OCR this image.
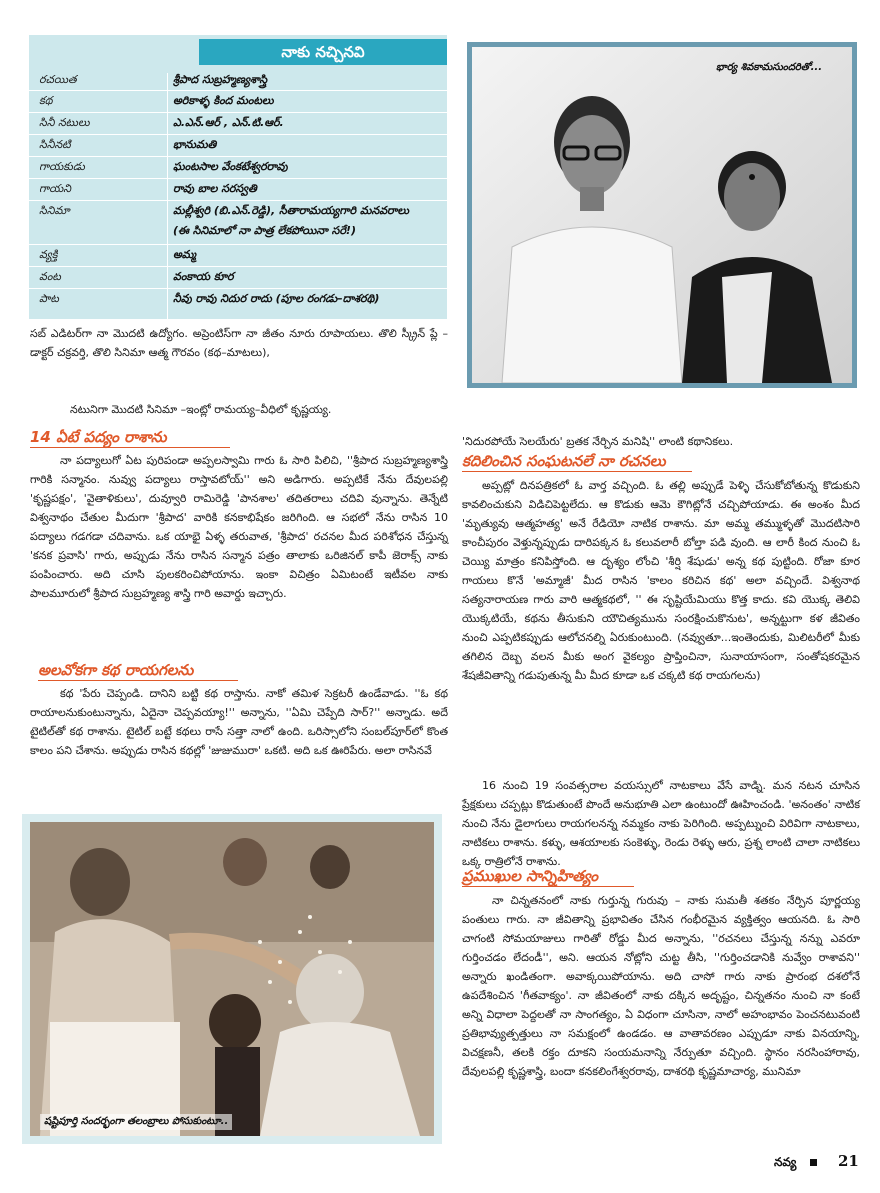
నాకు నచ్చినవి
రచయిత	శ్రీపాద సుబ్రహ్మణ్యశాస్త్రి
కథ	అరికాళ్ళ కింద మంటలు
సినీ నటులు	ఎ.ఎన్.ఆర్ , ఎన్.టి.ఆర్.
సినీనటి	భానుమతి
గాయకుడు	ఘంటసాల వేంకటేశ్వరరావు
గాయని	రావు బాల సరస్వతి
సినిమా	మల్లీశ్వరి (బి.ఎన్.రెడ్డి), సీతారామయ్యగారి మనవరాలు
(ఈ సినిమాలో నా పాత్ర లేకపోయినా సరే!)
వ్యక్తి	అమ్మ
వంట	వంకాయ కూర
పాట	నీవు రావు నిదుర రాదు (పూల రంగడు–దాశరథి)
భార్య శివకామసుందరితో...
సబ్ ఎడిటర్‌గా నా మొదటి ఉద్యోగం. అప్రెంటిస్‌గా నా జీతం నూరు రూపాయలు. తొలి స్క్రీన్ ప్లే – డాక్టర్ చక్రవర్తి, తొలి సినిమా ఆత్మ గౌరవం (కథ–మాటలు),
నటునిగా మొదటి సినిమా –ఇంట్లో రామయ్య–వీధిలో కృష్ణయ్య.
14 ఏటే పద్యం రాశాను
నా పద్యాలుగో ఏట పురిపండా అప్పలస్వామి గారు ఓ సారి పిలిచి, ''శ్రీపాద సుబ్రహ్మణ్యశాస్త్రి గారికి సన్మానం. నువ్వు పద్యాలు రాస్తావటోయ్'' అని అడిగారు. అప్పటికే నేను దేవులపల్లి 'కృష్ణపక్షం', 'వైతాళికులు', దువ్వూరి రామిరెడ్డి 'పానశాల' తదితరాలు చదివి వున్నాను. తెన్నేటి విశ్వనాథం చేతుల మీదుగా 'శ్రీపాద' వారికి కనకాభిషేకం జరిగింది. ఆ సభలో నేను రాసిన 10 పద్యాలు గడగడా చదివాను. ఒక యాభై ఏళ్ళ తరువాత, 'శ్రీపాద' రచనల మీద పరిశోధన చేస్తున్న 'కనక ప్రవాసి' గారు, అప్పుడు నేను రాసిన సన్మాన పత్రం తాలాకు ఒరిజినల్ కాపీ జెరాక్స్ నాకు పంపించారు. అది చూసి పులకరించిపోయాను. ఇంకా విచిత్రం ఏమిటంటే ఇటీవల నాకు పాలమూరులో శ్రీపాద సుబ్రహ్మణ్య శాస్త్రి గారి అవార్డు ఇచ్చారు.
అలవోకగా కథ రాయగలను
కథ 'పేరు చెప్పండి. దానిని బట్టి కథ రాస్తాను. నాకో తమిళ సెక్రటరీ ఉండేవాడు. ''ఓ కథ రాయాలనుకుంటున్నాను, ఏదైనా చెప్పవయ్యా!'' అన్నాను, ''ఏమి చెప్పేది సార్?'' అన్నాడు. అదే టైటిల్‌తో కథ రాశాను. టైటిల్ బట్టే కథలు రాసే సత్తా నాలో ఉంది. ఒరిస్సాలోని సంబల్‌పూర్‌లో కొంత కాలం పని చేశాను. అప్పుడు రాసిన కథల్లో 'జుజుమురా' ఒకటి. అది ఒక ఊరిపేరు. అలా రాసినవే
షష్టిపూర్తి సందర్భంగా తలంబ్రాలు పోసుకుంటూ..
'నిదురపోయే సెలయేరు' బ్రతక నేర్చిన మనిషి'' లాంటి కథానికలు.
కదిలించిన సంఘటనలే నా రచనలు
అప్పట్లో దినపత్రికలో ఓ వార్త వచ్చింది. ఓ తల్లి అప్పుడే పెళ్ళి చేసుకోబోతున్న కొడుకుని కావలించుకుని విడిచిపెట్టలేదు. ఆ కొడుకు ఆమె కౌగిట్లోనే చచ్చిపోయాడు. ఈ అంశం మీద 'మృత్యువు ఆత్మహత్య' అనే రేడియో నాటిక రాశాను. మా అమ్మ తమ్ముళ్ళతో మొదటిసారి కాంచీపురం వెళ్తున్నప్పుడు దారిపక్కన ఓ కలువలారీ బోల్తా పడి వుంది. ఆ లారీ కింద నుంచి ఓ చెయ్యి మాత్రం కనిపిస్తోంది. ఆ దృశ్యం లోంచి 'శీర్షి శేషుడు' అన్న కథ పుట్టింది. రోజా కూర గాయలు కొనే 'అమ్మాజీ' మీద రాసిన 'కాలం కరిచిన కథ' అలా వచ్చిందే. విశ్వనాథ సత్యనారాయణ గారు వారి ఆత్మకథలో, '' ఈ సృష్టియేమియు కొత్త కాదు. కవి యొక్క తెలివి యొక్కటియే, కథను తీసుకుని యౌచిత్యమును సంరక్షించుకొనుట', అన్నట్టుగా కళ జీవితం నుంచి ఎప్పటికప్పుడు ఆలోచనల్ని ఏరుకుంటుంది. (నవ్వుతూ...ఇంతెందుకు, మిలిటరీలో మీకు తగిలిన దెబ్బ వలన మీకు అంగ వైకల్యం ప్రాప్తించినా, సునాయాసంగా, సంతోషకరమైన శేషజీవితాన్ని గడుపుతున్న మీ మీద కూడా ఒక చక్కటి కథ రాయగలను)
16 నుంచి 19 సంవత్సరాల వయస్సులో నాటకాలు వేసే వాడ్ని. మన నటన చూసిన ప్రేక్షకులు చప్పట్లు కొడుతుంటే పొందే అనుభూతి ఎలా ఉంటుందో ఊహించండి. 'అనంతం' నాటిక నుంచి నేను డైలాగులు రాయగలనన్న నమ్మకం నాకు పెరిగింది. అప్పట్నుంచి విరివిగా నాటకాలు, నాటికలు రాశాను. కళ్ళు, ఆశయాలకు సంకెళ్ళు, రెండు రెళ్ళు ఆరు, ప్రశ్న లాంటి చాలా నాటికలు ఒక్క రాత్రిలోనే రాశాను.
ప్రముఖుల సాన్నిహిత్యం
నా చిన్నతనంలో నాకు గుర్తున్న గురువు – నాకు సుమతీ శతకం నేర్పిన పూర్ణయ్య పంతులు గారు. నా జీవితాన్ని ప్రభావితం చేసిన గంభీరమైన వ్యక్తిత్వం ఆయనది. ఓ సారి చాగంటి సోమయాజులు గారితో రోడ్డు మీద అన్నాను, ''రచనలు చేస్తున్న నన్ను ఎవరూ గుర్తించడం లేదండీ'', అని. ఆయన నోట్లోని చుట్ట తీసి, ''గుర్తించడానికి నువ్వేం రాశావని'' అన్నారు ఖండితంగా. అవాక్కయిపోయాను. అది చాసో గారు నాకు ప్రారంభ దశలోనే ఉపదేశించిన 'గీతవాక్యం'. నా జీవితంలో నాకు దక్కిన అదృష్టం, చిన్నతనం నుంచి నా కంటే అన్ని విధాలా పెద్దలతో నా సాంగత్యం, ఏ విధంగా చూసినా, నాలో అహంభావం పెంచనటువంటి ప్రతిభావ్యుత్పత్తులు నా సమక్షంలో ఉండడం. ఆ వాతావరణం ఎప్పుడూ నాకు వినయాన్ని, విచక్షణనీ, తలకి రక్తం దూకని సంయమనాన్ని నేర్పుతూ వచ్చింది. స్థానం నరసింహారావు, దేవులపల్లి కృష్ణశాస్త్రి, బందా కనకలింగేశ్వరరావు, దాశరథి కృష్ణమాచార్య, మునిమా
నవ్య	21
